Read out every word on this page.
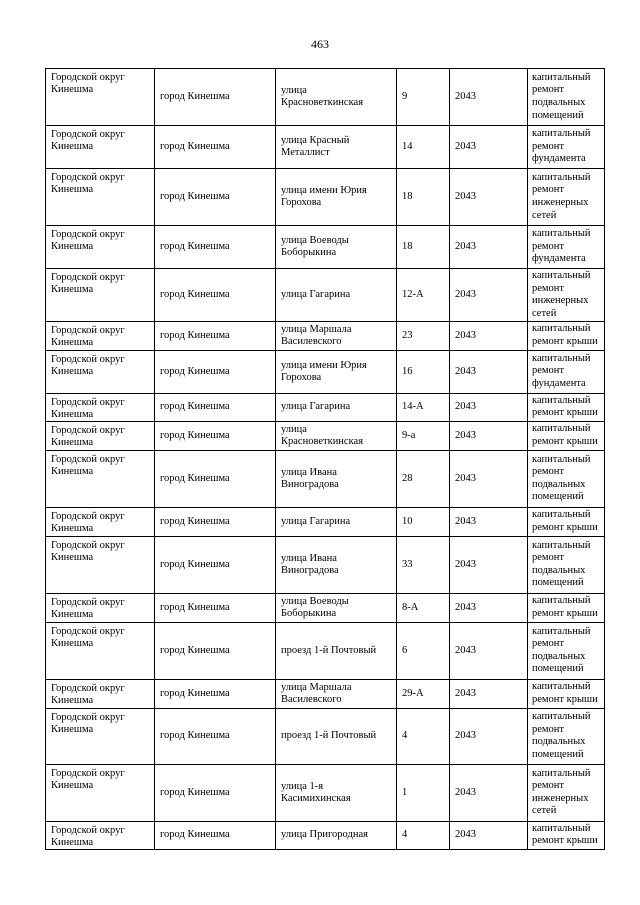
463
Городской округ Кинешма	город Кинешма	улица Красноветкинская	9	2043	капитальный ремонт подвальных помещений
Городской округ Кинешма	город Кинешма	улица Красный Металлист	14	2043	капитальный ремонт фундамента
Городской округ Кинешма	город Кинешма	улица имени Юрия Горохова	18	2043	капитальный ремонт инженерных сетей
Городской округ Кинешма	город Кинешма	улица Воеводы Боборыкина	18	2043	капитальный ремонт фундамента
Городской округ Кинешма	город Кинешма	улица Гагарина	12-А	2043	капитальный ремонт инженерных сетей
Городской округ Кинешма	город Кинешма	улица Маршала Василевского	23	2043	капитальный ремонт крыши
Городской округ Кинешма	город Кинешма	улица имени Юрия Горохова	16	2043	капитальный ремонт фундамента
Городской округ Кинешма	город Кинешма	улица Гагарина	14-А	2043	капитальный ремонт крыши
Городской округ Кинешма	город Кинешма	улица Красноветкинская	9-а	2043	капитальный ремонт крыши
Городской округ Кинешма	город Кинешма	улица Ивана Виноградова	28	2043	капитальный ремонт подвальных помещений
Городской округ Кинешма	город Кинешма	улица Гагарина	10	2043	капитальный ремонт крыши
Городской округ Кинешма	город Кинешма	улица Ивана Виноградова	33	2043	капитальный ремонт подвальных помещений
Городской округ Кинешма	город Кинешма	улица Воеводы Боборыкина	8-А	2043	капитальный ремонт крыши
Городской округ Кинешма	город Кинешма	проезд 1-й Почтовый	6	2043	капитальный ремонт подвальных помещений
Городской округ Кинешма	город Кинешма	улица Маршала Василевского	29-А	2043	капитальный ремонт крыши
Городской округ Кинешма	город Кинешма	проезд 1-й Почтовый	4	2043	капитальный ремонт подвальных помещений
Городской округ Кинешма	город Кинешма	улица 1-я Касимихинская	1	2043	капитальный ремонт инженерных сетей
Городской округ Кинешма	город Кинешма	улица Пригородная	4	2043	капитальный ремонт крыши
